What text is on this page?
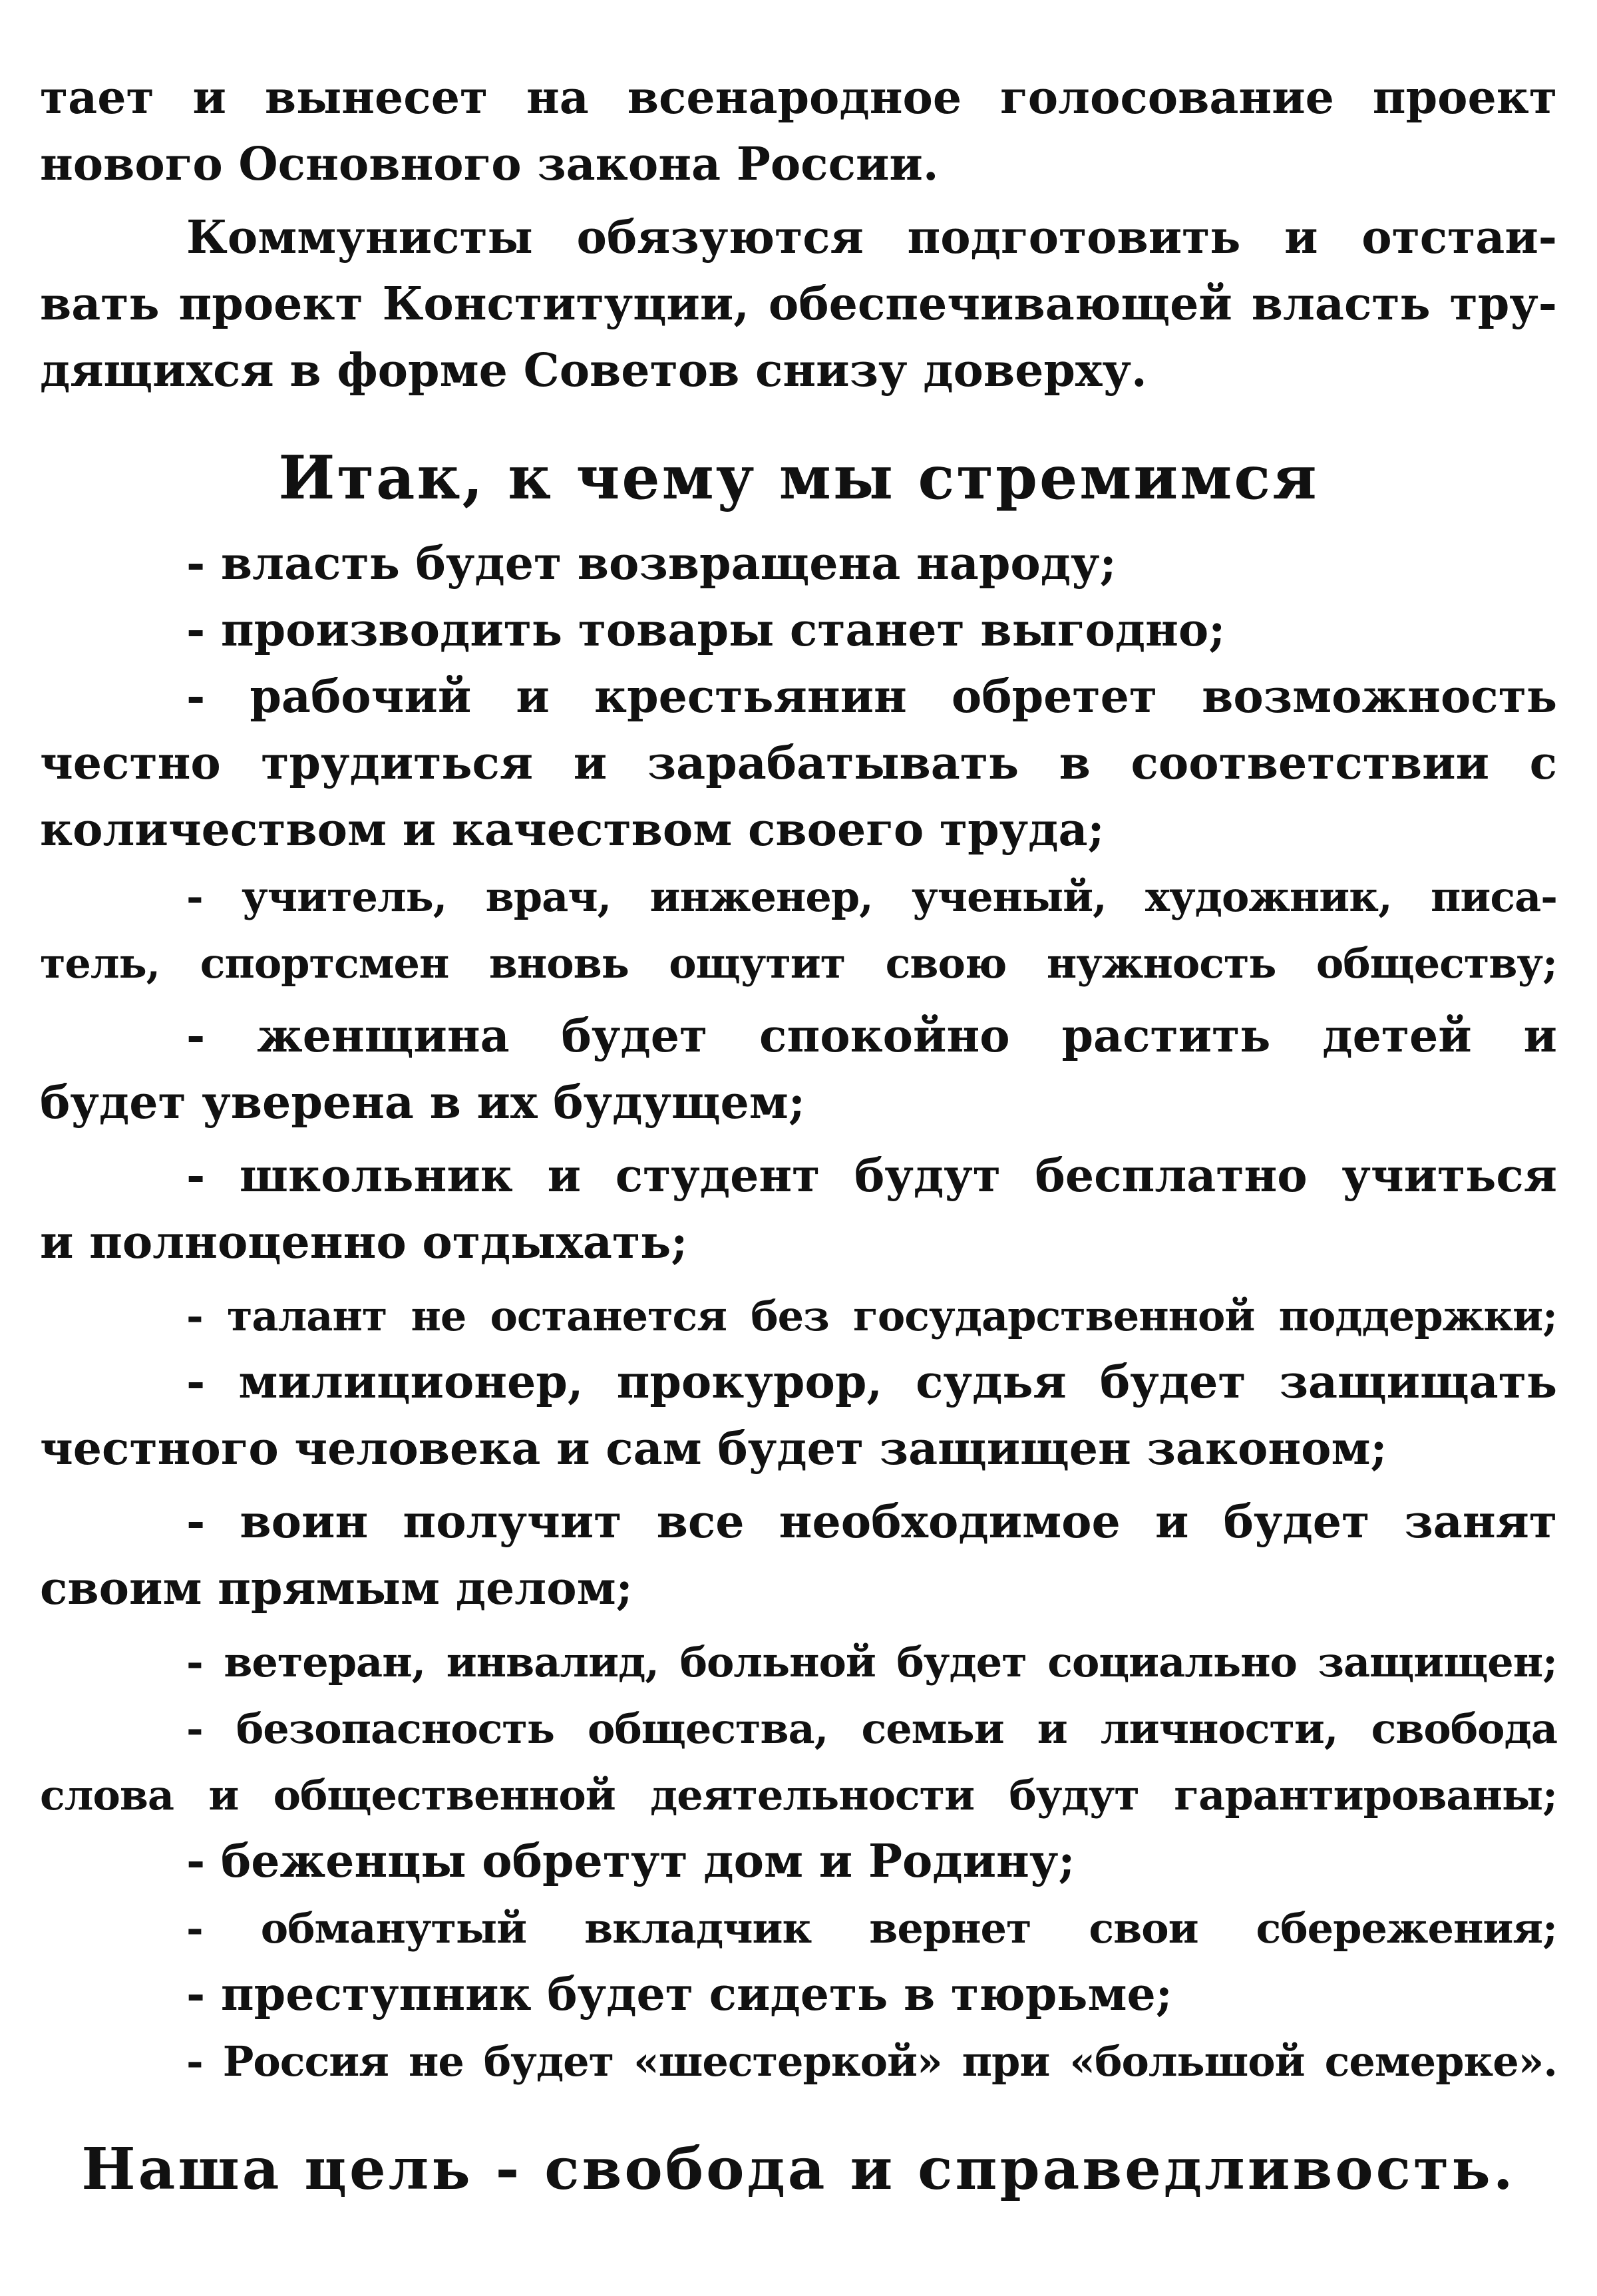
тает и вынесет на всенародное голосование проект
нового Основного закона России.
Коммунисты обязуются подготовить и отстаи-
вать проект Конституции, обеспечивающей власть тру-
дящихся в форме Советов снизу доверху.
Итак, к чему мы стремимся
- власть будет возвращена народу;
- производить товары станет выгодно;
- рабочий и крестьянин обретет возможность
честно трудиться и зарабатывать в соответствии с
количеством и качеством своего труда;
- учитель, врач, инженер, ученый, художник, писа-
тель, спортсмен вновь ощутит свою нужность обществу;
- женщина будет спокойно растить детей и
будет уверена в их будущем;
- школьник и студент будут бесплатно учиться
и полноценно отдыхать;
- талант не останется без государственной поддержки;
- милиционер, прокурор, судья будет защищать
честного человека и сам будет защищен законом;
- воин получит все необходимое и будет занят
своим прямым делом;
- ветеран, инвалид, больной будет социально защищен;
- безопасность общества, семьи и личности, свобода
слова и общественной деятельности будут гарантированы;
- беженцы обретут дом и Родину;
- обманутый вкладчик вернет свои сбережения;
- преступник будет сидеть в тюрьме;
- Россия не будет «шестеркой» при «большой семерке».
Наша цель - свобода и справедливость.
